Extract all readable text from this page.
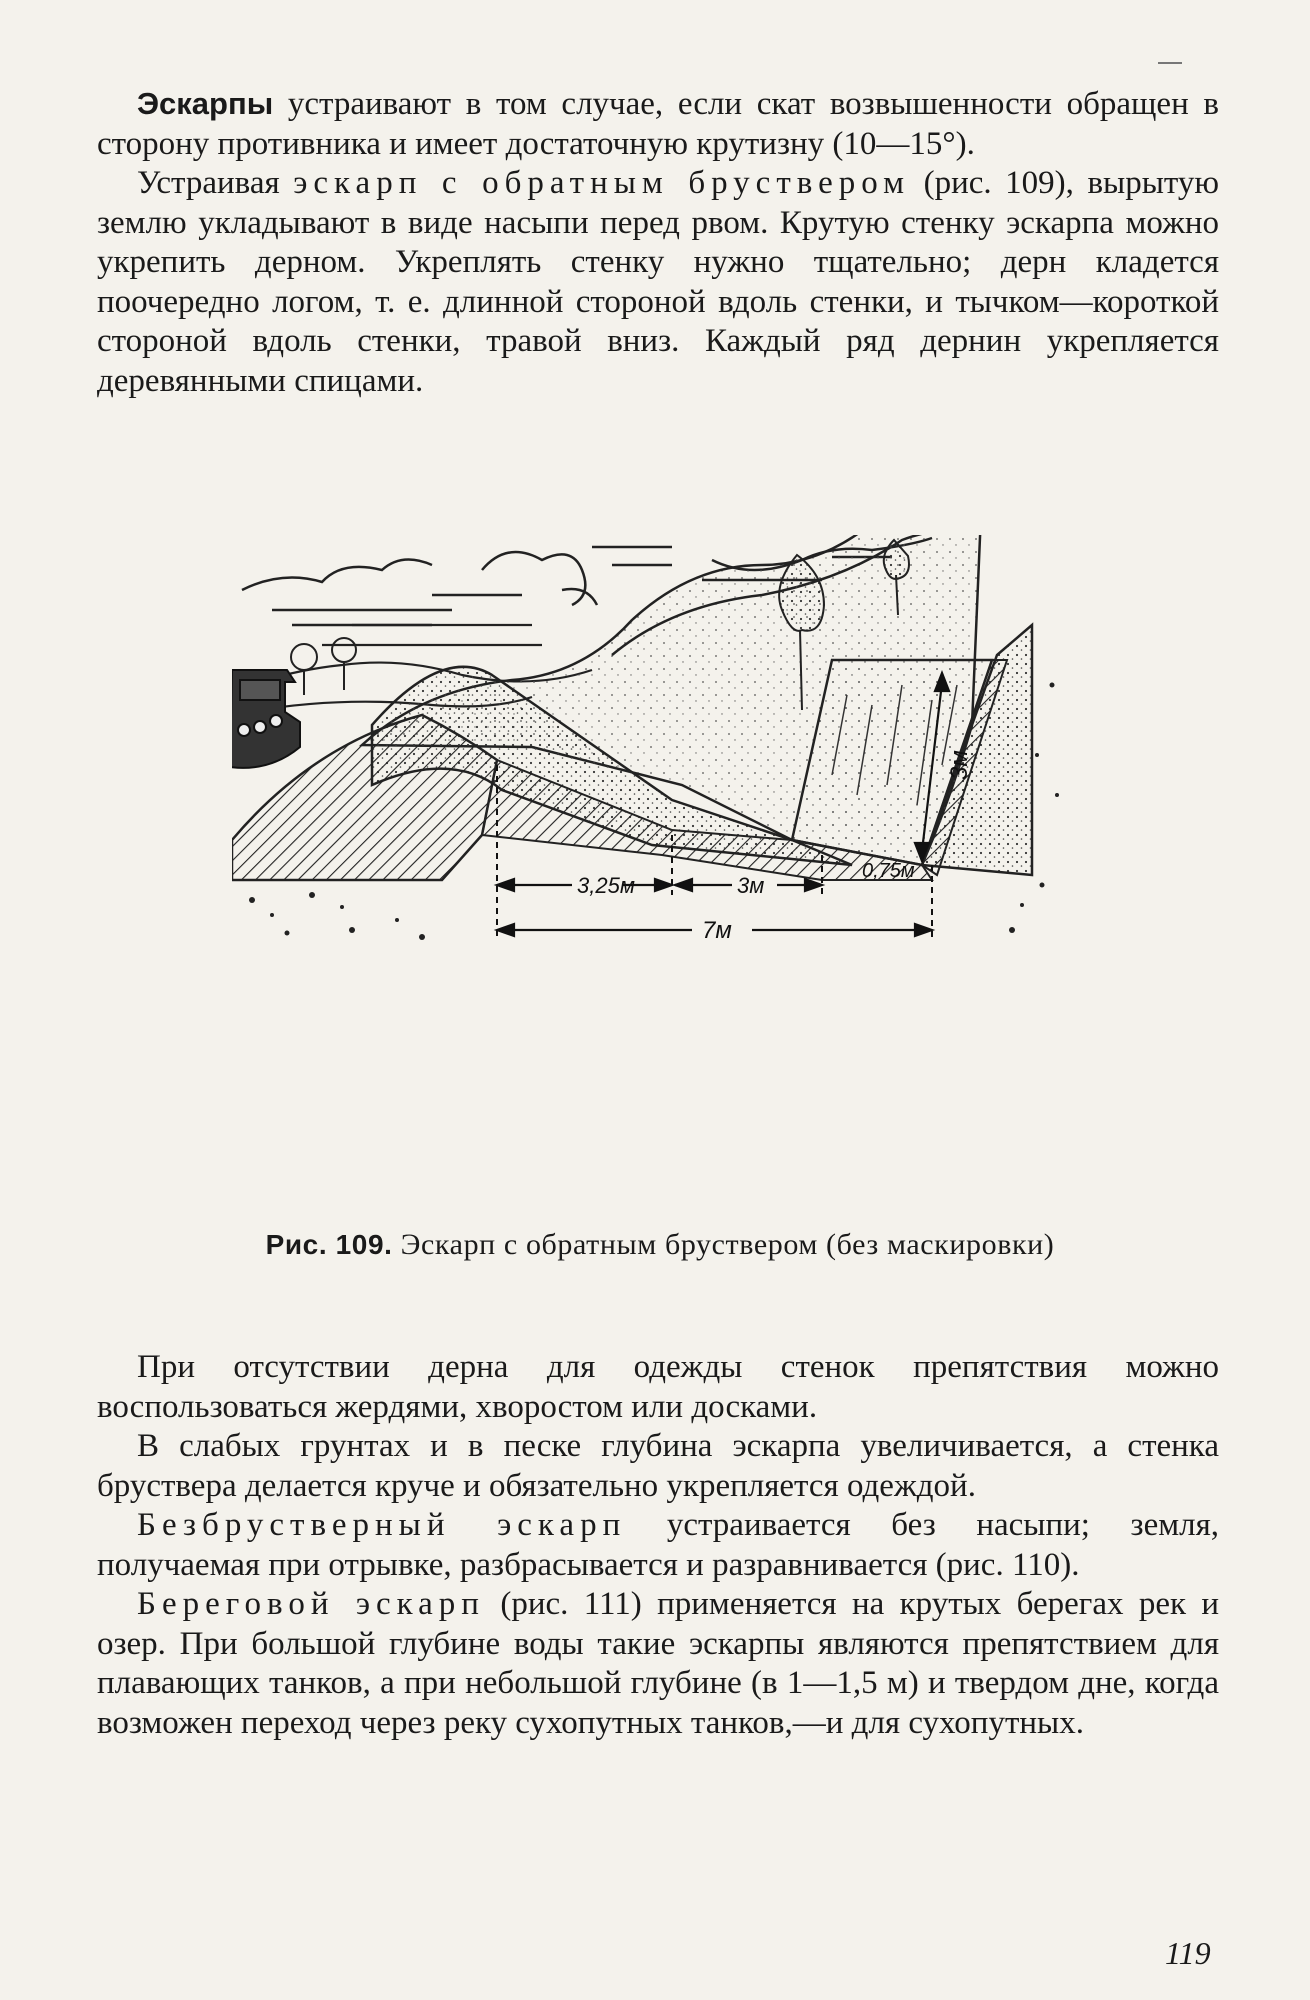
Эскарпы устраивают в том случае, если скат возвышенности обращен в сторону противника и имеет достаточную крутизну (10—15°).

Устраивая эскарп с обратным бруствером (рис. 109), вырытую землю укладывают в виде насыпи перед рвом. Крутую стенку эскарпа можно укрепить дерном. Укреплять стенку нужно тщательно; дерн кладется поочередно логом, т. е. длинной стороной вдоль стенки, и тычком—короткой стороной вдоль стенки, травой вниз. Каждый ряд дернин укрепляется деревянными спицами.

3м
3,25м	3м
0,75м
7м
Рис. 109. Эскарп с обратным бруствером (без маскировки)

При отсутствии дерна для одежды стенок препятствия можно воспользоваться жердями, хворостом или досками.

В слабых грунтах и в песке глубина эскарпа увеличивается, а стенка бруствера делается круче и обязательно укрепляется одеждой.

Безбрустверный эскарп устраивается без насыпи; земля, получаемая при отрывке, разбрасывается и разравнивается (рис. 110).

Береговой эскарп (рис. 111) применяется на крутых берегах рек и озер. При большой глубине воды такие эскарпы являются препятствием для плавающих танков, а при небольшой глубине (в 1—1,5 м) и твердом дне, когда возможен переход через реку сухопутных танков,—и для сухопутных.

119
